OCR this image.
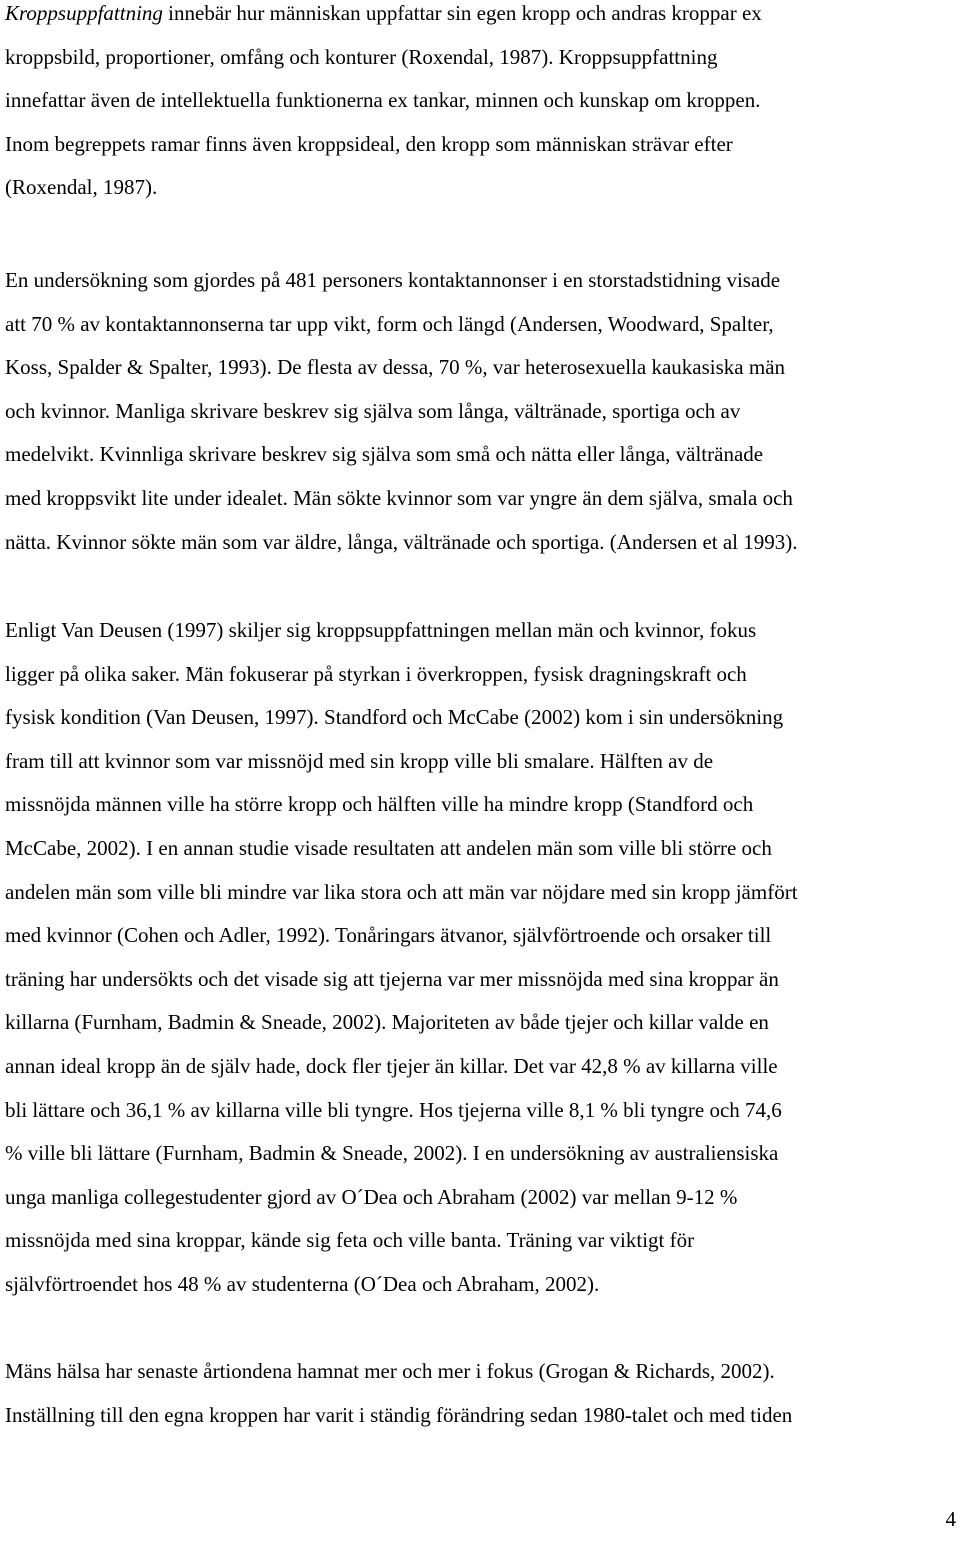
Kroppsuppfattning innebär hur människan uppfattar sin egen kropp och andras kroppar ex
kroppsbild, proportioner, omfång och konturer (Roxendal, 1987). Kroppsuppfattning
innefattar även de intellektuella funktionerna ex tankar, minnen och kunskap om kroppen.
Inom begreppets ramar finns även kroppsideal, den kropp som människan strävar efter
(Roxendal, 1987).

En undersökning som gjordes på 481 personers kontaktannonser i en storstadstidning visade
att 70 % av kontaktannonserna tar upp vikt, form och längd (Andersen, Woodward, Spalter,
Koss, Spalder & Spalter, 1993). De flesta av dessa, 70 %, var heterosexuella kaukasiska män
och kvinnor. Manliga skrivare beskrev sig själva som långa, vältränade, sportiga och av
medelvikt. Kvinnliga skrivare beskrev sig själva som små och nätta eller långa, vältränade
med kroppsvikt lite under idealet. Män sökte kvinnor som var yngre än dem själva, smala och
nätta. Kvinnor sökte män som var äldre, långa, vältränade och sportiga. (Andersen et al 1993).

Enligt Van Deusen (1997) skiljer sig kroppsuppfattningen mellan män och kvinnor, fokus
ligger på olika saker. Män fokuserar på styrkan i överkroppen, fysisk dragningskraft och
fysisk kondition (Van Deusen, 1997). Standford och McCabe (2002) kom i sin undersökning
fram till att kvinnor som var missnöjd med sin kropp ville bli smalare. Hälften av de
missnöjda männen ville ha större kropp och hälften ville ha mindre kropp (Standford och
McCabe, 2002). I en annan studie visade resultaten att andelen män som ville bli större och
andelen män som ville bli mindre var lika stora och att män var nöjdare med sin kropp jämfört
med kvinnor (Cohen och Adler, 1992). Tonåringars ätvanor, självförtroende och orsaker till
träning har undersökts och det visade sig att tjejerna var mer missnöjda med sina kroppar än
killarna (Furnham, Badmin & Sneade, 2002). Majoriteten av både tjejer och killar valde en
annan ideal kropp än de själv hade, dock fler tjejer än killar. Det var 42,8 % av killarna ville
bli lättare och 36,1 % av killarna ville bli tyngre. Hos tjejerna ville 8,1 % bli tyngre och 74,6
% ville bli lättare (Furnham, Badmin & Sneade, 2002). I en undersökning av australiensiska
unga manliga collegestudenter gjord av O´Dea och Abraham (2002) var mellan 9-12 %
missnöjda med sina kroppar, kände sig feta och ville banta. Träning var viktigt för
självförtroendet hos 48 % av studenterna (O´Dea och Abraham, 2002).

Mäns hälsa har senaste årtiondena hamnat mer och mer i fokus (Grogan & Richards, 2002).
Inställning till den egna kroppen har varit i ständig förändring sedan 1980-talet och med tiden

4
